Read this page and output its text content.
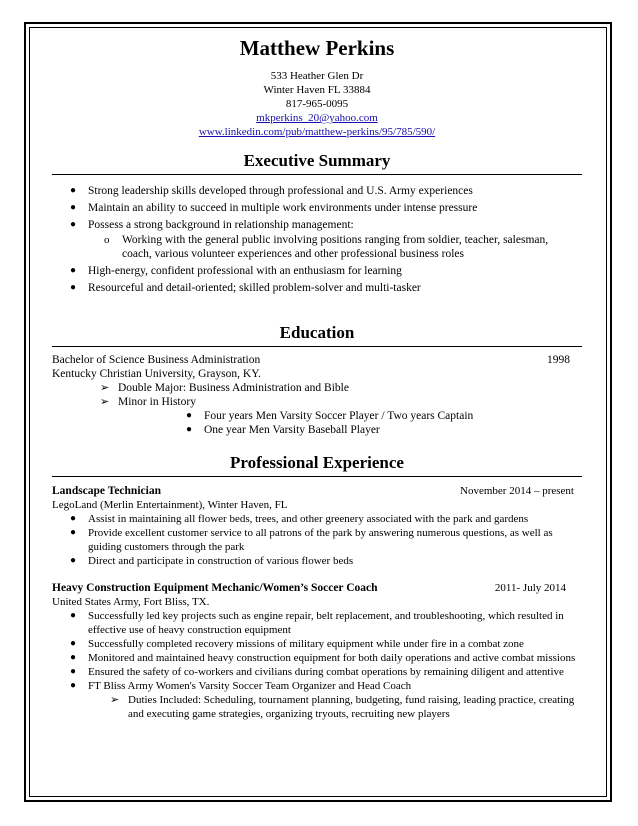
Matthew Perkins
533 Heather Glen Dr
Winter Haven FL 33884
817-965-0095
mkperkins_20@yahoo.com
www.linkedin.com/pub/matthew-perkins/95/785/590/
Executive Summary
● Strong leadership skills developed through professional and U.S. Army experiences
● Maintain an ability to succeed in multiple work environments under intense pressure
● Possess a strong background in relationship management:
o Working with the general public involving positions ranging from soldier, teacher, salesman, coach, various volunteer experiences and other professional business roles
● High-energy, confident professional with an enthusiasm for learning
● Resourceful and detail-oriented; skilled problem-solver and multi-tasker
Education
Bachelor of Science Business Administration	1998
Kentucky Christian University, Grayson, KY.
➢ Double Major: Business Administration and Bible
➢ Minor in History
● Four years Men Varsity Soccer Player / Two years Captain
● One year Men Varsity Baseball Player
Professional Experience
Landscape Technician	November 2014 – present
LegoLand (Merlin Entertainment), Winter Haven, FL
● Assist in maintaining all flower beds, trees, and other greenery associated with the park and gardens
● Provide excellent customer service to all patrons of the park by answering numerous questions, as well as guiding customers through the park
● Direct and participate in construction of various flower beds
Heavy Construction Equipment Mechanic/Women’s Soccer Coach	2011- July 2014
United States Army, Fort Bliss, TX.
● Successfully led key projects such as engine repair, belt replacement, and troubleshooting, which resulted in effective use of heavy construction equipment
● Successfully completed recovery missions of military equipment while under fire in a combat zone
● Monitored and maintained heavy construction equipment for both daily operations and active combat missions
● Ensured the safety of co-workers and civilians during combat operations by remaining diligent and attentive
● FT Bliss Army Women's Varsity Soccer Team Organizer and Head Coach
➢ Duties Included: Scheduling, tournament planning, budgeting, fund raising, leading practice, creating and executing game strategies, organizing tryouts, recruiting new players
